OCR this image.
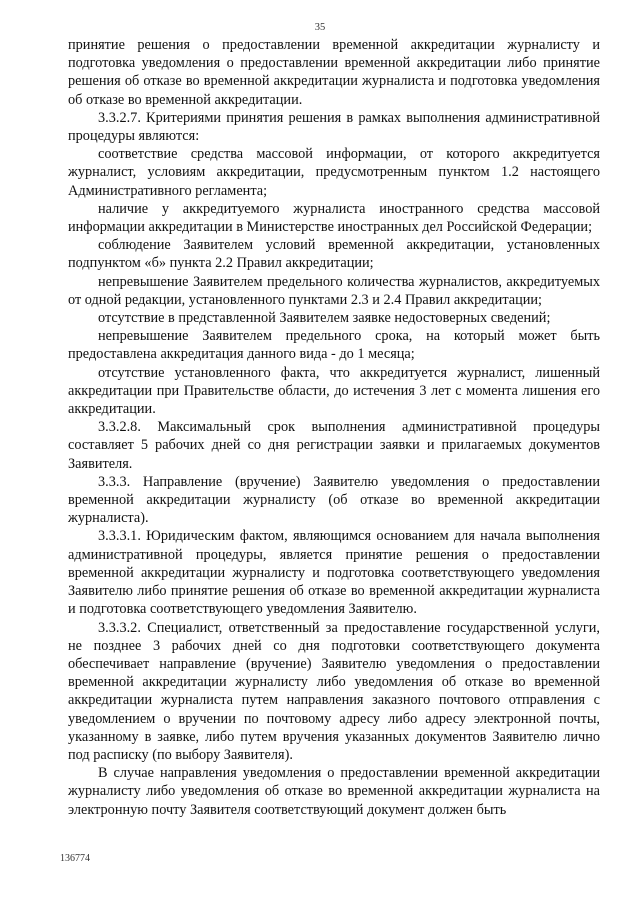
35

принятие решения о предоставлении временной аккредитации журналисту и подготовка уведомления о предоставлении временной аккредитации либо принятие решения об отказе во временной аккредитации журналиста и подготовка уведомления об отказе во временной аккредитации.

3.3.2.7. Критериями принятия решения в рамках выполнения административной процедуры являются:

соответствие средства массовой информации, от которого аккредитуется журналист, условиям аккредитации, предусмотренным пунктом 1.2 настоящего Административного регламента;

наличие у аккредитуемого журналиста иностранного средства массовой информации аккредитации в Министерстве иностранных дел Российской Федерации;

соблюдение Заявителем условий временной аккредитации, установленных подпунктом «б» пункта 2.2 Правил аккредитации;

непревышение Заявителем предельного количества журналистов, аккредитуемых от одной редакции, установленного пунктами 2.3 и 2.4 Правил аккредитации;

отсутствие в представленной Заявителем заявке недостоверных сведений;

непревышение Заявителем предельного срока, на который может быть предоставлена аккредитация данного вида - до 1 месяца;

отсутствие установленного факта, что аккредитуется журналист, лишенный аккредитации при Правительстве области, до истечения 3 лет с момента лишения его аккредитации.

3.3.2.8. Максимальный срок выполнения административной процедуры составляет 5 рабочих дней со дня регистрации заявки и прилагаемых документов Заявителя.

3.3.3. Направление (вручение) Заявителю уведомления о предоставлении временной аккредитации журналисту (об отказе во временной аккредитации журналиста).

3.3.3.1. Юридическим фактом, являющимся основанием для начала выполнения административной процедуры, является принятие решения о предоставлении временной аккредитации журналисту и подготовка соответствующего уведомления Заявителю либо принятие решения об отказе во временной аккредитации журналиста и подготовка соответствующего уведомления Заявителю.

3.3.3.2. Специалист, ответственный за предоставление государственной услуги, не позднее 3 рабочих дней со дня подготовки соответствующего документа обеспечивает направление (вручение) Заявителю уведомления о предоставлении временной аккредитации журналисту либо уведомления об отказе во временной аккредитации журналиста путем направления заказного почтового отправления с уведомлением о вручении по почтовому адресу либо адресу электронной почты, указанному в заявке, либо путем вручения указанных документов Заявителю лично под расписку (по выбору Заявителя).

В случае направления уведомления о предоставлении временной аккредитации журналисту либо уведомления об отказе во временной аккредитации журналиста на электронную почту Заявителя соответствующий документ должен быть

136774
